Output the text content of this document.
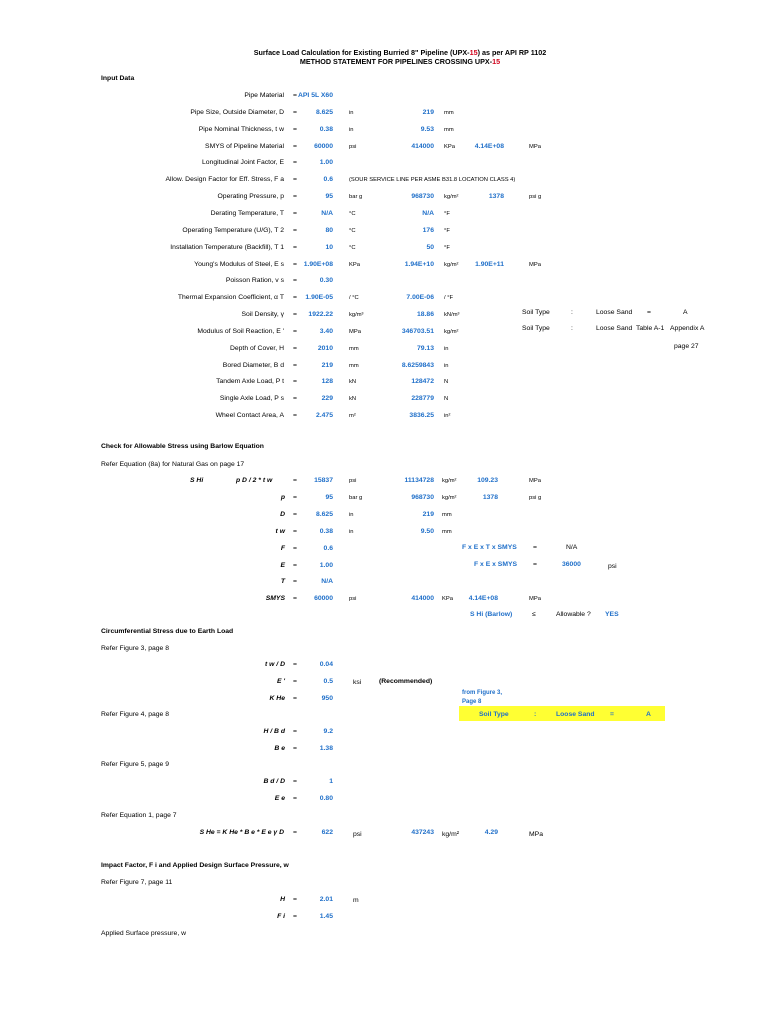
Surface Load Calculation for Existing Burried 8" Pipeline (UPX-15) as per API RP 1102
METHOD STATEMENT FOR PIPELINES CROSSING UPX-15
Input Data
Pipe Material = API 5L X60
Pipe Size, Outside Diameter, D =	8.625	in	219 mm
Pipe Nominal Thickness, t w =	0.38	in	9.53 mm
SMYS of Pipeline Material =	60000	psi	414000 KPa	4.14E+08	MPa
Longitudinal Joint Factor, E =	1.00
Allow. Design Factor for Eff. Stress, F a =	0.6	(SOUR SERVICE LINE PER ASME B31.8 LOCATION CLASS 4)
Operating Pressure, p =	95	bar g	968730 kg/m²	1378	psi g
Derating Temperature, T =	N/A	°C	N/A °F
Operating Temperature (U/G), T 2 =	80	°C	176 °F
Installation Temperature (Backfill), T 1 =	10	°C	50 °F
Young's Modulus of Steel, E s = 1.90E+08	KPa	1.94E+10 kg/m²	1.90E+11	MPa
Poisson Ration, v s =	0.30
Thermal Expansion Coefficient, α T =	1.90E-05	/ °C	7.00E-06 / °F
Soil Density, γ =	1922.22	kg/m³	18.86 kN/m³
Modulus of Soil Reaction, E ' =	3.40	MPa	346703.51 kg/m²
Depth of Cover, H =	2010	mm	79.13 in
Bored Diameter, B d =	219	mm	8.6259843 in
Tandem Axle Load, P t =	128	kN	128472 N
Single Axle Load, P s =	229	kN	228779 N
Wheel Contact Area, A =	2.475	m²	3836.25 in²
Soil Type	:	Loose Sand =	A
Soil Type	:	Loose Sand Table A-1 Appendix A
page 27
Check for Allowable Stress using Barlow Equation
Refer Equation (8a) for Natural Gas on page 17
S Hi	p D / 2 * t w	=	15837	psi	11134728 kg/m²	109.23	MPa
p =	95	bar g	968730 kg/m²	1378	psi g
D =	8.625	in	219 mm
t w =	0.38	in	9.50 mm
F =	0.6
E =	1.00
T =	N/A
SMYS =	60000	psi	414000 KPa	4.14E+08	MPa
F x E x T x SMYS =	N/A
F x E x SMYS =	36000	psi
S Hi (Barlow)	≤	Allowable ? YES
Circumferential Stress due to Earth Load
Refer Figure 3, page 8
t w / D =	0.04
E ' =	0.5	ksi
K He =	950
(Recommended)
from Figure 3,
Page 8
Soil Type	:	Loose Sand =	A
Refer Figure 4, page 8
H / B d =	9.2
B e =	1.38
Refer Figure 5, page 9
B d / D =	1
E e =	0.80
Refer Equation 1, page 7
S He = K He * B e * E e γ D =	622	psi	437243 kg/m²	4.29	MPa
Impact Factor, F i and Applied Design Surface Pressure, w
Refer Figure 7, page 11
H =	2.01	m
F i =	1.45
Applied Surface pressure, w
